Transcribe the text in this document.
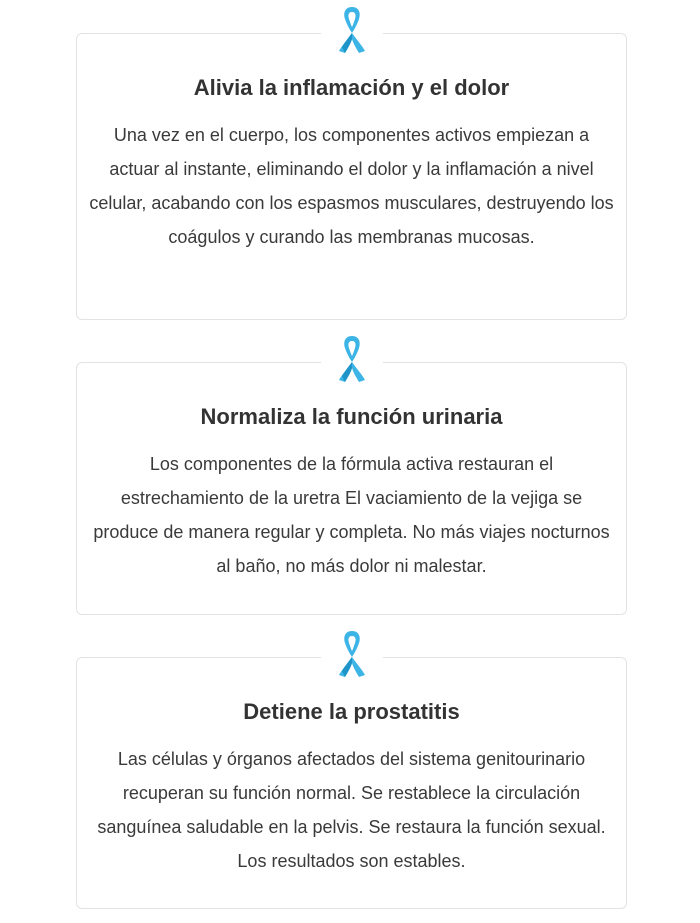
Alivia la inflamación y el dolor

Una vez en el cuerpo, los componentes activos empiezan a actuar al instante, eliminando el dolor y la inflamación a nivel celular, acabando con los espasmos musculares, destruyendo los coágulos y curando las membranas mucosas.

Normaliza la función urinaria

Los componentes de la fórmula activa restauran el estrechamiento de la uretra El vaciamiento de la vejiga se produce de manera regular y completa. No más viajes nocturnos al baño, no más dolor ni malestar.

Detiene la prostatitis

Las células y órganos afectados del sistema genitourinario recuperan su función normal. Se restablece la circulación sanguínea saludable en la pelvis. Se restaura la función sexual. Los resultados son estables.
